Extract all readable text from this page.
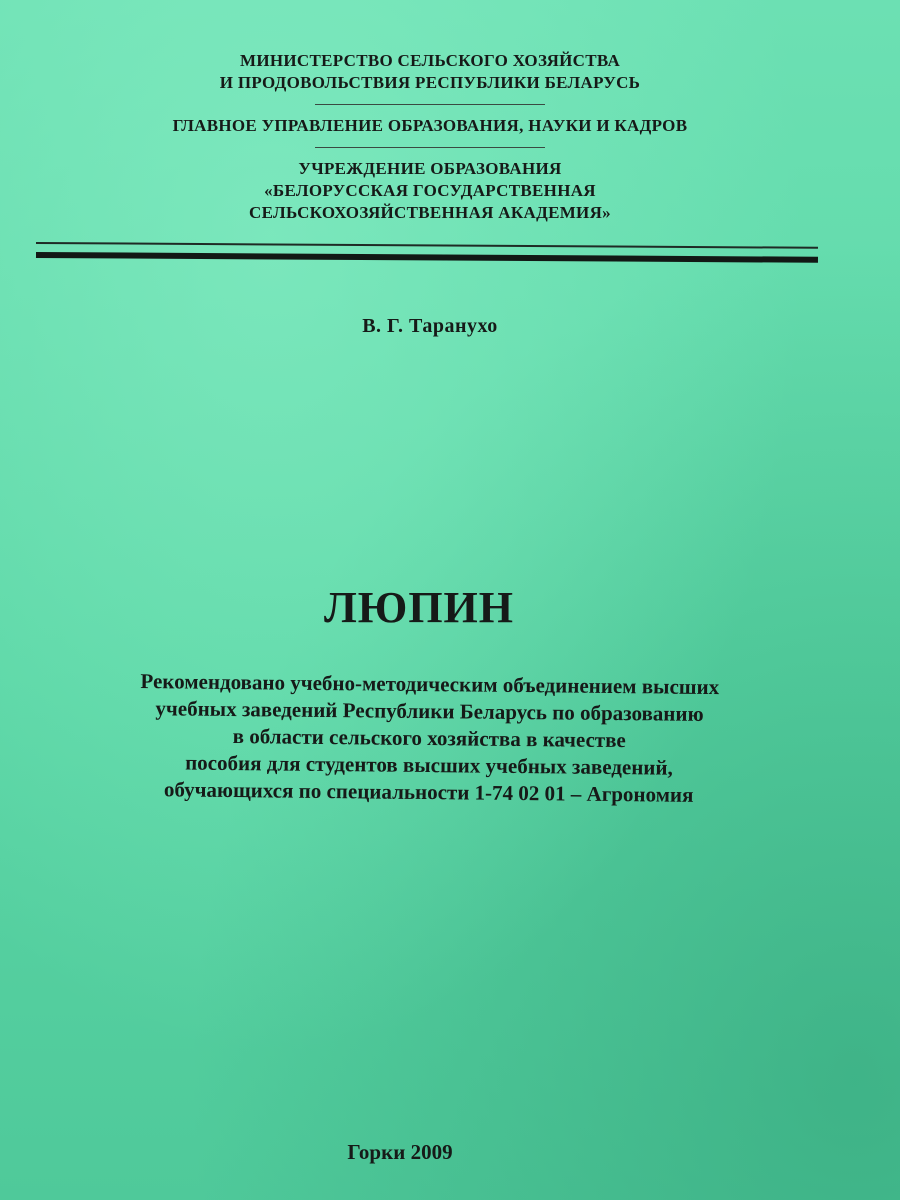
МИНИСТЕРСТВО СЕЛЬСКОГО ХОЗЯЙСТВА
И ПРОДОВОЛЬСТВИЯ РЕСПУБЛИКИ БЕЛАРУСЬ

ГЛАВНОЕ УПРАВЛЕНИЕ ОБРАЗОВАНИЯ, НАУКИ И КАДРОВ

УЧРЕЖДЕНИЕ ОБРАЗОВАНИЯ
«БЕЛОРУССКАЯ ГОСУДАРСТВЕННАЯ
СЕЛЬСКОХОЗЯЙСТВЕННАЯ АКАДЕМИЯ»

В. Г. Таранухо
ЛЮПИН
Рекомендовано учебно-методическим объединением высших
учебных заведений Республики Беларусь по образованию
в области сельского хозяйства в качестве
пособия для студентов высших учебных заведений,
обучающихся по специальности 1-74 02 01 – Агрономия
Горки 2009
